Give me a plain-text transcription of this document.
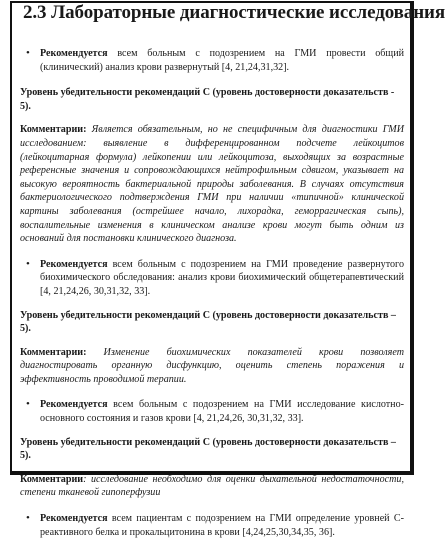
2.3 Лабораторные диагностические исследования

• Рекомендуется всем больным с подозрением на ГМИ провести общий (клинический) анализ крови развернутый [4, 21,24,31,32].

Уровень убедительности рекомендаций C (уровень достоверности доказательств - 5).

Комментарии: Является обязательным, но не специфичным для диагностики ГМИ исследованием: выявление в дифференцированном подсчете лейкоцитов (лейкоцитарная формула) лейкопении или лейкоцитоза, выходящих за возрастные референсные значения и сопровождающихся нейтрофильным сдвигом, указывает на высокую вероятность бактериальной природы заболевания. В случаях отсутствия бактериологического подтверждения ГМИ при наличии «типичной» клинической картины заболевания (острейшее начало, лихорадка, геморрагическая сыпь), воспалительные изменения в клиническом анализе крови могут быть одним из оснований для постановки клинического диагноза.

• Рекомендуется всем больным с подозрением на ГМИ проведение развернутого биохимического обследования: анализ крови биохимический общетерапевтический [4, 21,24,26, 30,31,32, 33].

Уровень убедительности рекомендаций C (уровень достоверности доказательств – 5).

Комментарии: Изменение биохимических показателей крови позволяет диагностировать органную дисфункцию, оценить степень поражения и эффективность проводимой терапии.

• Рекомендуется всем больным с подозрением на ГМИ исследование кислотно-основного состояния и газов крови [4, 21,24,26, 30,31,32, 33].

Уровень убедительности рекомендаций C (уровень достоверности доказательств – 5).

Комментарии: исследование необходимо для оценки дыхательной недостаточности, степени тканевой гипоперфузии

• Рекомендуется всем пациентам с подозрением на ГМИ определение уровней С-реактивного белка и прокальцитонина в крови [4,24,25,30,34,35, 36].
